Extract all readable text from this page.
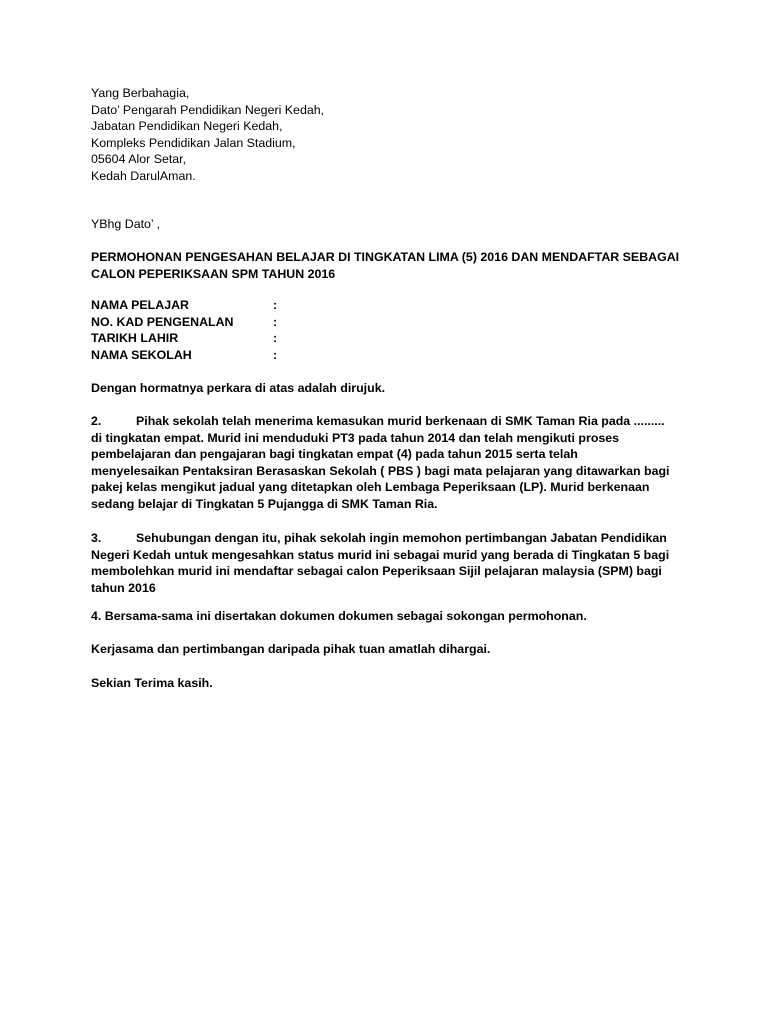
Yang Berbahagia,
Dato’ Pengarah Pendidikan Negeri Kedah,
Jabatan Pendidikan Negeri Kedah,
Kompleks Pendidikan Jalan Stadium,
05604 Alor Setar,
Kedah DarulAman.
YBhg Dato’ ,
PERMOHONAN PENGESAHAN BELAJAR DI TINGKATAN LIMA (5) 2016 DAN MENDAFTAR SEBAGAI
CALON PEPERIKSAAN SPM TAHUN 2016
NAMA PELAJAR	:
NO. KAD PENGENALAN	:
TARIKH LAHIR	:
NAMA SEKOLAH	:
Dengan hormatnya perkara di atas adalah dirujuk.
2.	Pihak sekolah telah menerima kemasukan murid berkenaan di SMK Taman Ria pada .........
di tingkatan empat. Murid ini menduduki PT3 pada tahun 2014 dan telah mengikuti proses
pembelajaran dan pengajaran bagi tingkatan empat (4) pada tahun 2015 serta telah
menyelesaikan Pentaksiran Berasaskan Sekolah ( PBS ) bagi mata pelajaran yang ditawarkan bagi
pakej kelas mengikut jadual yang ditetapkan oleh Lembaga Peperiksaan (LP). Murid berkenaan
sedang belajar di Tingkatan 5 Pujangga di SMK Taman Ria.
3.	Sehubungan dengan itu, pihak sekolah ingin memohon pertimbangan Jabatan Pendidikan
Negeri Kedah untuk mengesahkan status murid ini sebagai murid yang berada di Tingkatan 5 bagi
membolehkan murid ini mendaftar sebagai calon Peperiksaan Sijil pelajaran malaysia (SPM) bagi
tahun 2016
4. Bersama-sama ini disertakan dokumen dokumen sebagai sokongan permohonan.
Kerjasama dan pertimbangan daripada pihak tuan amatlah dihargai.
Sekian Terima kasih.
